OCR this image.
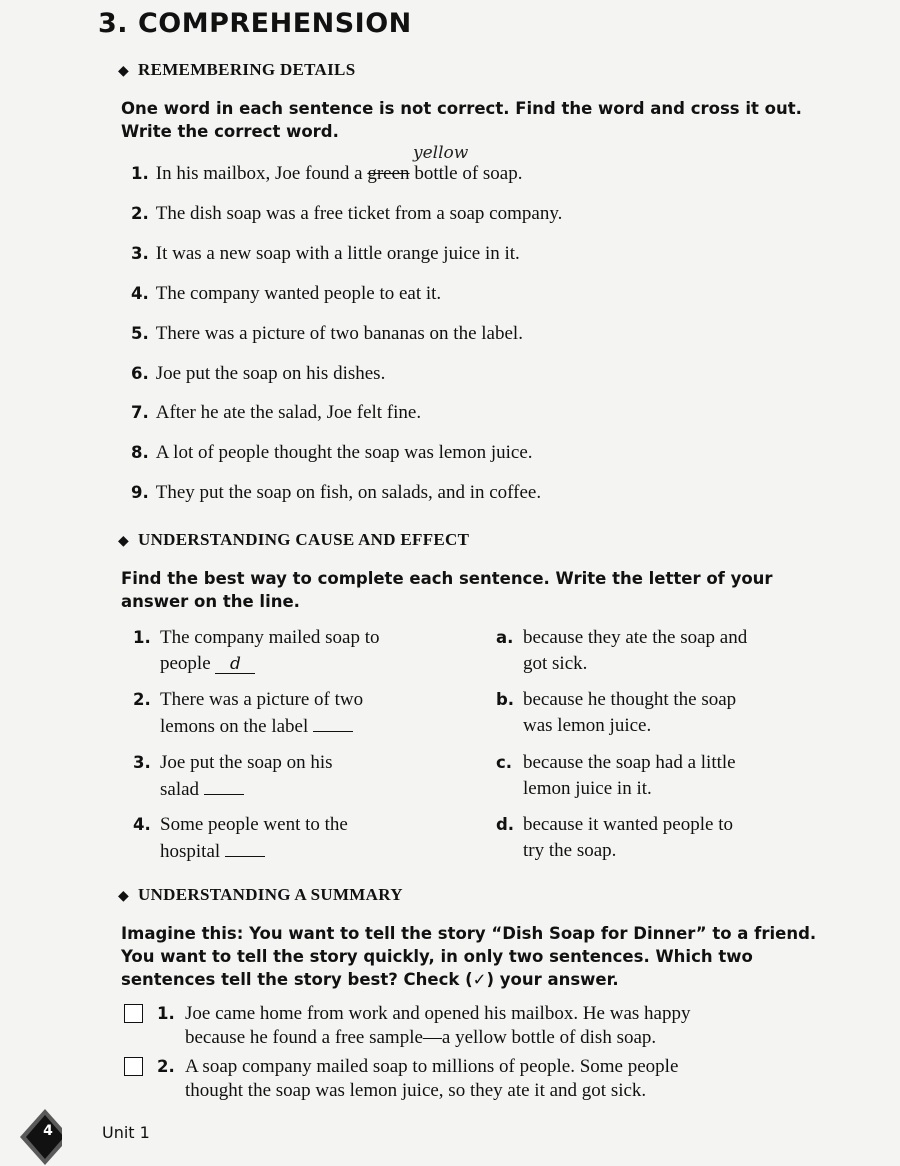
3. COMPREHENSION
◆ REMEMBERING DETAILS
One word in each sentence is not correct. Find the word and cross it out. Write the correct word.
yellow
1. In his mailbox, Joe found a green bottle of soap.
2. The dish soap was a free ticket from a soap company.
3. It was a new soap with a little orange juice in it.
4. The company wanted people to eat it.
5. There was a picture of two bananas on the label.
6. Joe put the soap on his dishes.
7. After he ate the salad, Joe felt fine.
8. A lot of people thought the soap was lemon juice.
9. They put the soap on fish, on salads, and in coffee.
◆ UNDERSTANDING CAUSE AND EFFECT
Find the best way to complete each sentence. Write the letter of your answer on the line.
1. The company mailed soap to
people d
2. There was a picture of two
lemons on the label
3. Joe put the soap on his
salad
4. Some people went to the
hospital
a. because they ate the soap and
got sick.
b. because he thought the soap
was lemon juice.
c. because the soap had a little
lemon juice in it.
d. because it wanted people to
try the soap.
◆ UNDERSTANDING A SUMMARY
Imagine this: You want to tell the story “Dish Soap for Dinner” to a friend. You want to tell the story quickly, in only two sentences. Which two sentences tell the story best? Check (✓) your answer.
1. Joe came home from work and opened his mailbox. He was happy
because he found a free sample—a yellow bottle of dish soap.
2. A soap company mailed soap to millions of people. Some people
thought the soap was lemon juice, so they ate it and got sick.
4	Unit 1
